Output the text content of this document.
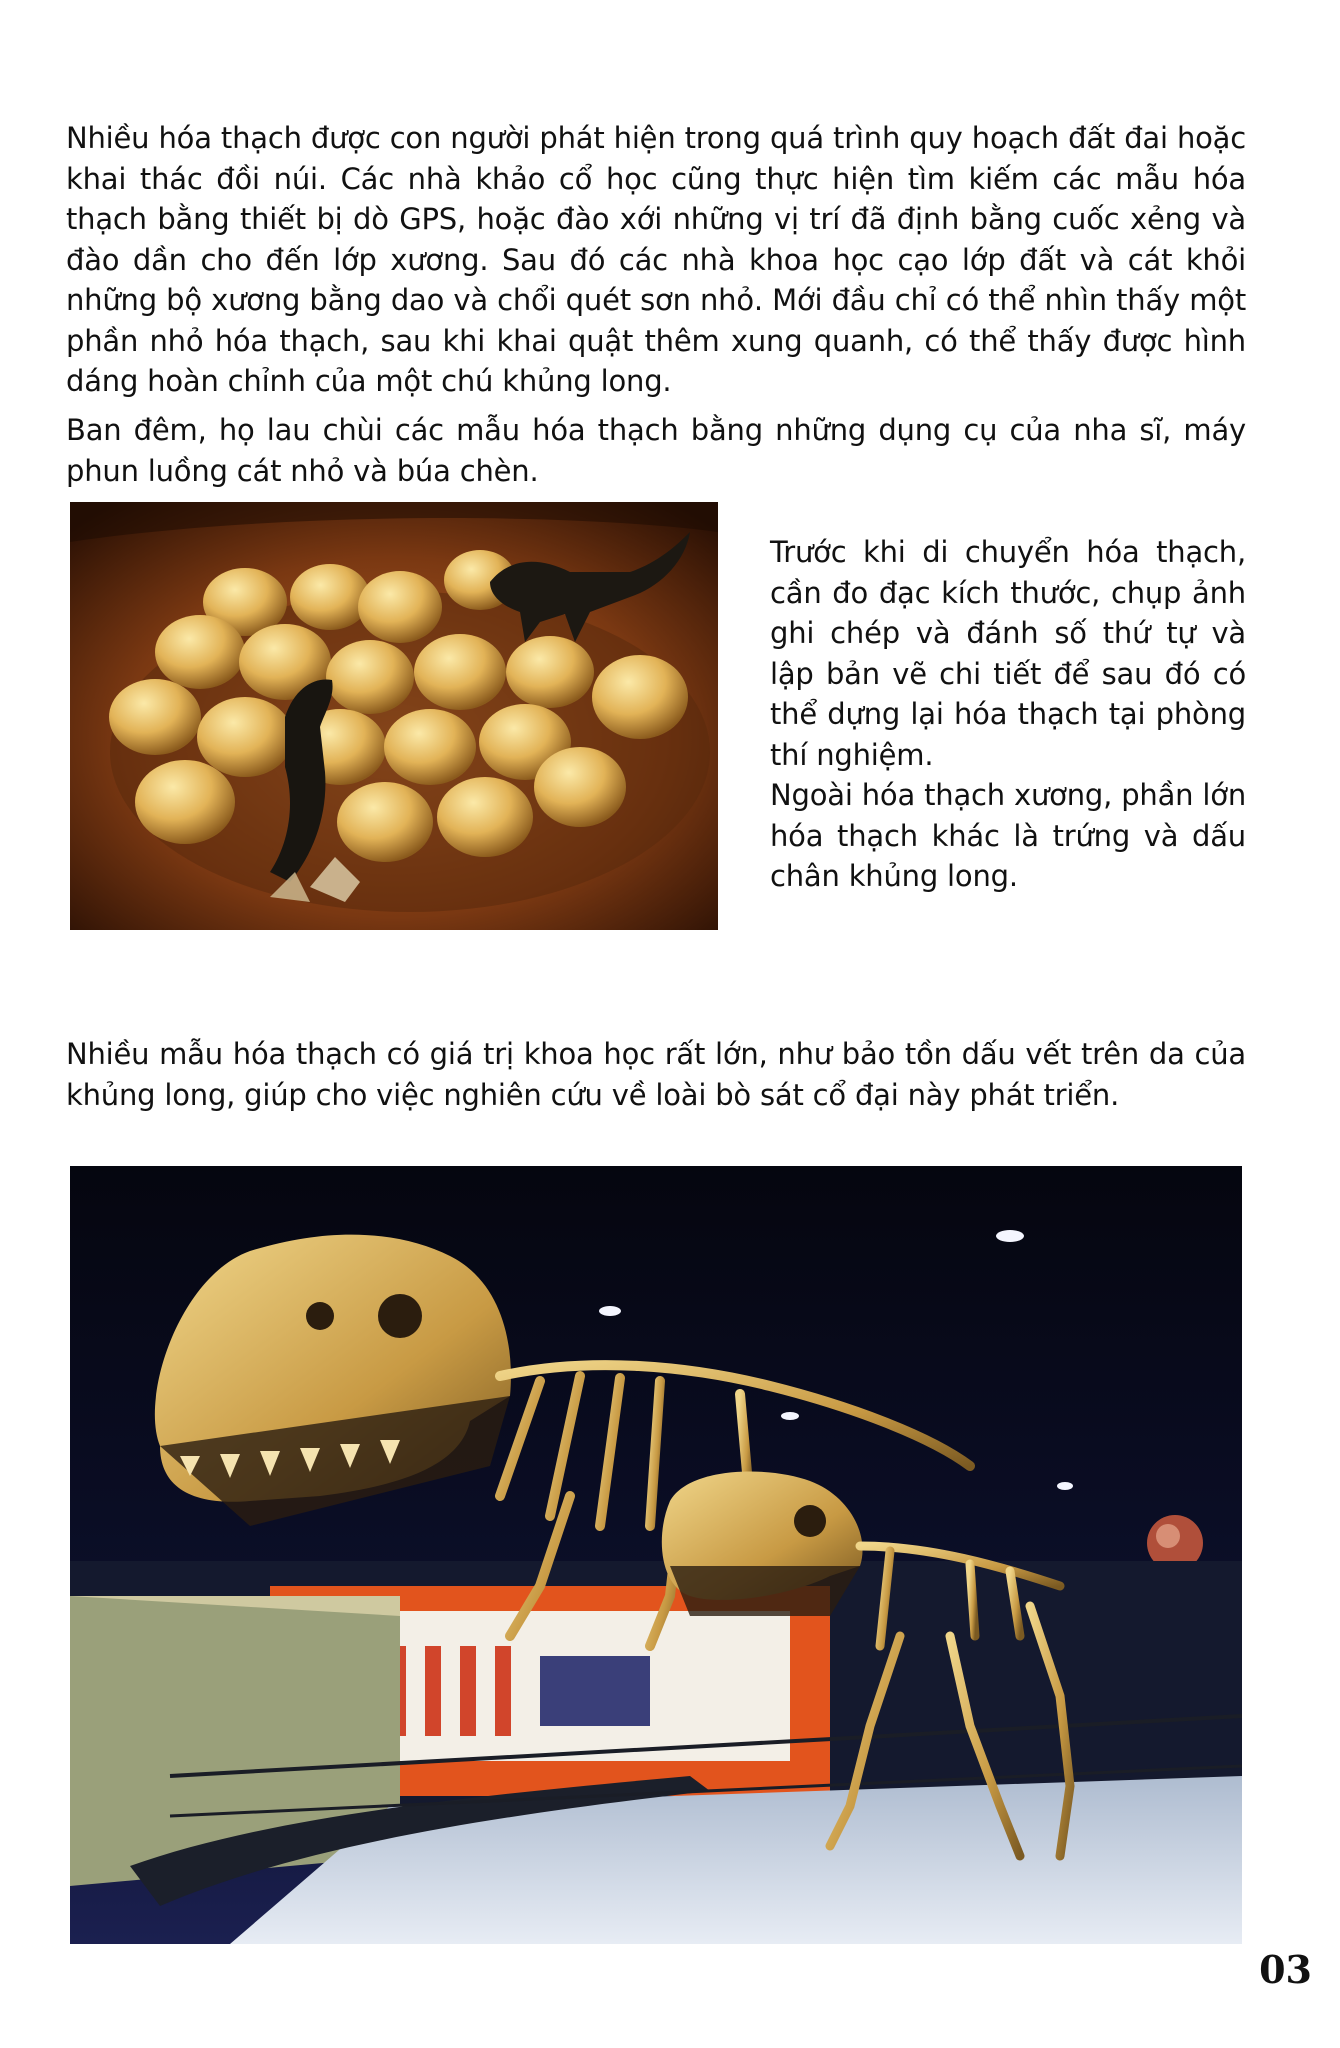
Nhiều hóa thạch được con người phát hiện trong quá trình quy hoạch đất đai hoặc khai thác đồi núi. Các nhà khảo cổ học cũng thực hiện tìm kiếm các mẫu hóa thạch bằng thiết bị dò GPS, hoặc đào xới những vị trí đã định bằng cuốc xẻng và đào dần cho đến lớp xương. Sau đó các nhà khoa học cạo lớp đất và cát khỏi những bộ xương bằng dao và chổi quét sơn nhỏ. Mới đầu chỉ có thể nhìn thấy một phần nhỏ hóa thạch, sau khi khai quật thêm xung quanh, có thể thấy được hình dáng hoàn chỉnh của một chú khủng long.

Ban đêm, họ lau chùi các mẫu hóa thạch bằng những dụng cụ của nha sĩ, máy phun luồng cát nhỏ và búa chèn.

Trước khi di chuyển hóa thạch, cần đo đạc kích thước, chụp ảnh ghi chép và đánh số thứ tự và lập bản vẽ chi tiết để sau đó có thể dựng lại hóa thạch tại phòng thí nghiệm.
Ngoài hóa thạch xương, phần lớn hóa thạch khác là trứng và dấu chân khủng long.

Nhiều mẫu hóa thạch có giá trị khoa học rất lớn, như bảo tồn dấu vết trên da của khủng long, giúp cho việc nghiên cứu về loài bò sát cổ đại này phát triển.

03
